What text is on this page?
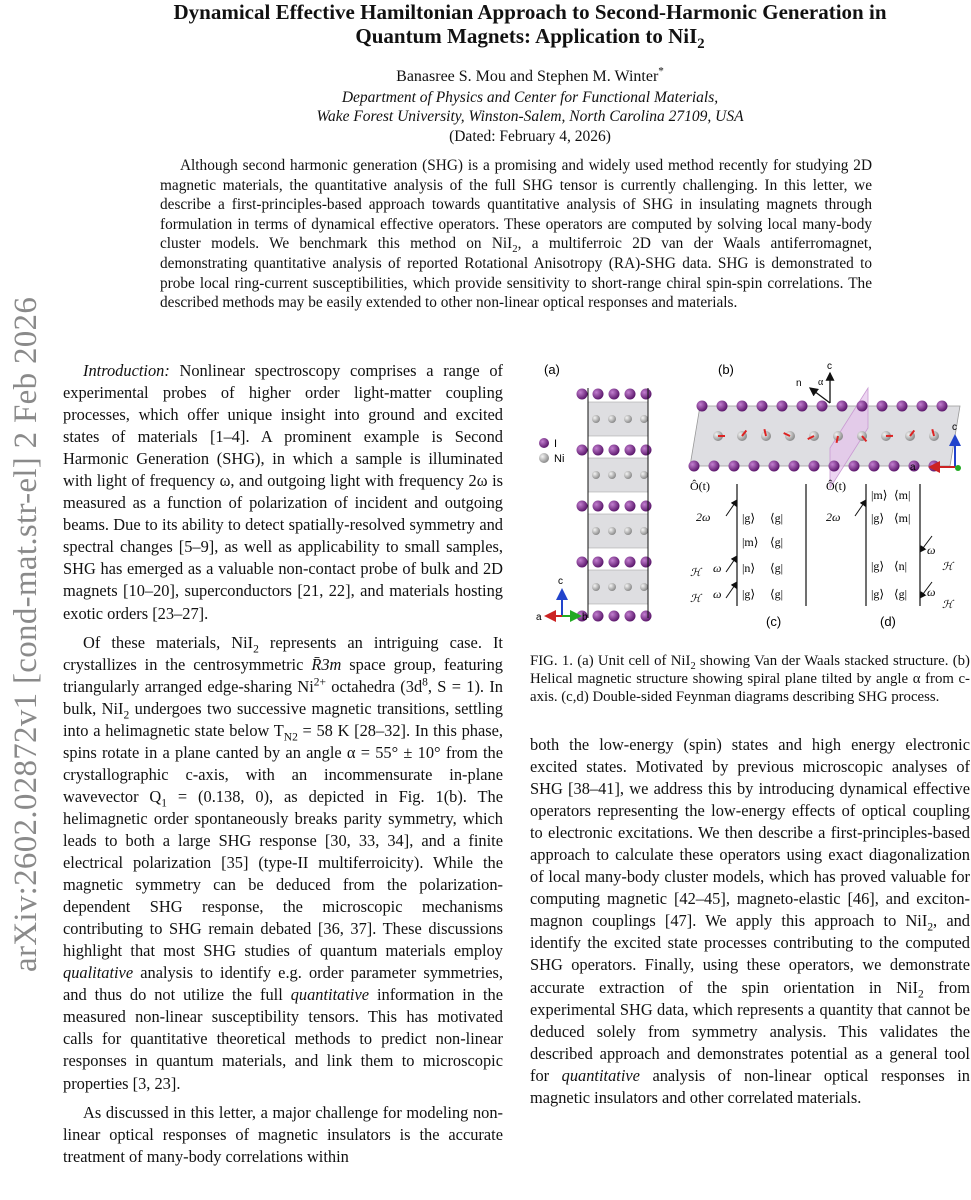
arXiv:2602.02872v1 [cond-mat.str-el] 2 Feb 2026
Dynamical Effective Hamiltonian Approach to Second-Harmonic Generation in
Quantum Magnets: Application to NiI$_2$
Banasree S. Mou and Stephen M. Winter*
Department of Physics and Center for Functional Materials,
Wake Forest University, Winston-Salem, North Carolina 27109, USA
(Dated: February 4, 2026)

Although second harmonic generation (SHG) is a promising and widely used method recently for studying 2D magnetic materials, the quantitative analysis of the full SHG tensor is currently challenging. In this letter, we describe a first-principles-based approach towards quantitative analysis of SHG in insulating magnets through formulation in terms of dynamical effective operators. These operators are computed by solving local many-body cluster models. We benchmark this method on NiI$_2$, a multiferroic 2D van der Waals antiferromagnet, demonstrating quantitative analysis of reported Rotational Anisotropy (RA)-SHG data. SHG is demonstrated to probe local ring-current susceptibilities, which provide sensitivity to short-range chiral spin-spin correlations. The described methods may be easily extended to other non-linear optical responses and materials.

Introduction: Nonlinear spectroscopy comprises a range of experimental probes of higher order light-matter coupling processes, which offer unique insight into ground and excited states of materials [1–4]. A prominent example is Second Harmonic Generation (SHG), in which a sample is illuminated with light of frequency ω, and outgoing light with frequency 2ω is measured as a function of polarization of incident and outgoing beams. Due to its ability to detect spatially-resolved symmetry and spectral changes [5–9], as well as applicability to small samples, SHG has emerged as a valuable non-contact probe of bulk and 2D magnets [10–20], superconductors [21, 22], and materials hosting exotic orders [23–27].

Of these materials, NiI$_2$ represents an intriguing case. It crystallizes in the centrosymmetric R̄3m space group, featuring triangularly arranged edge-sharing $Ni^{2+}$ octahedra ($3d^8$, S = 1). In bulk, NiI$_2$ undergoes two successive magnetic transitions, settling into a helimagnetic state below $T_{N2} = 58$ K [28–32]. In this phase, spins rotate in a plane canted by an angle α = 55° ± 10° from the crystallographic c-axis, with an incommensurate in-plane wavevector $Q_1 = (0.138$, 0), as depicted in Fig. 1(b). The helimagnetic order spontaneously breaks parity symmetry, which leads to both a large SHG response [30, 33, 34], and a finite electrical polarization [35] (type-II multiferroicity). While the magnetic symmetry can be deduced from the polarization-dependent SHG response, the microscopic mechanisms contributing to SHG remain debated [36, 37]. These discussions highlight that most SHG studies of quantum materials employ qualitative analysis to identify e.g. order parameter symmetries, and thus do not utilize the full quantitative information in the measured non-linear susceptibility tensors. This has motivated calls for quantitative theoretical methods to predict non-linear responses in quantum materials, and link them to microscopic properties [3, 23].

As discussed in this letter, a major challenge for modeling non-linear optical responses of magnetic insulators is the accurate treatment of many-body correlations within

(a)
I
Ni
c
a	b
(b)	c
n α
c
a
Ô(t)
2ω	|g⟩ ⟨g|
|m⟩ ⟨g|
ω
ℋ	|n⟩ ⟨g|
ω
ℋ	|g⟩ ⟨g|
(c)
Ô(t)
2ω
|m⟩ ⟨m|
|g⟩ ⟨m|
ω
ℋ
|g⟩ ⟨n|
ω
ℋ
|g⟩ ⟨g|
(d)
FIG. 1. (a) Unit cell of NiI$_2$ showing Van der Waals stacked structure. (b) Helical magnetic structure showing spiral plane tilted by angle α from c-axis. (c,d) Double-sided Feynman diagrams describing SHG process.

both the low-energy (spin) states and high energy electronic excited states. Motivated by previous microscopic analyses of SHG [38–41], we address this by introducing dynamical effective operators representing the low-energy effects of optical coupling to electronic excitations. We then describe a first-principles-based approach to calculate these operators using exact diagonalization of local many-body cluster models, which has proved valuable for computing magnetic [42–45], magneto-elastic [46], and exciton-magnon couplings [47]. We apply this approach to NiI$_2$, and identify the excited state processes contributing to the computed SHG operators. Finally, using these operators, we demonstrate accurate extraction of the spin orientation in NiI$_2$ from experimental SHG data, which represents a quantity that cannot be deduced solely from symmetry analysis. This validates the described approach and demonstrates potential as a general tool for quantitative analysis of non-linear optical responses in magnetic insulators and other correlated materials.
